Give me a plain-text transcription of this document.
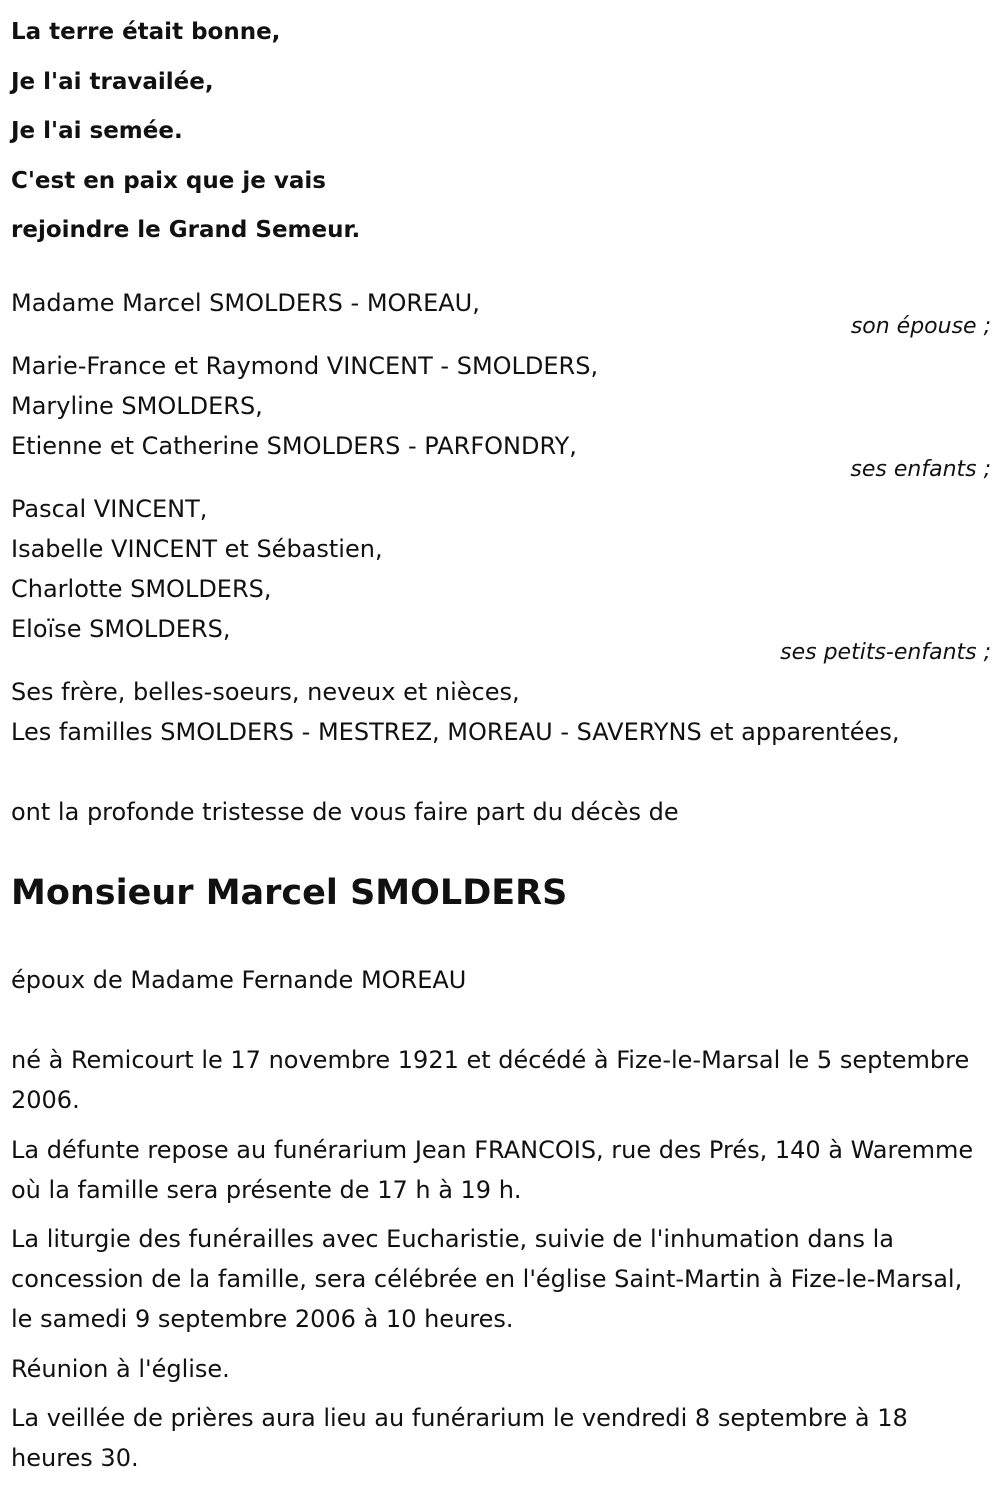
La terre était bonne,
Je l'ai travailée,
Je l'ai semée.
C'est en paix que je vais
rejoindre le Grand Semeur.
Madame Marcel SMOLDERS - MOREAU,
son épouse ;
Marie-France et Raymond VINCENT - SMOLDERS,
Maryline SMOLDERS,
Etienne et Catherine SMOLDERS - PARFONDRY,
ses enfants ;
Pascal VINCENT,
Isabelle VINCENT et Sébastien,
Charlotte SMOLDERS,
Eloïse SMOLDERS,
ses petits-enfants ;
Ses frère, belles-soeurs, neveux et nièces,
Les familles SMOLDERS - MESTREZ, MOREAU - SAVERYNS et apparentées,
ont la profonde tristesse de vous faire part du décès de
Monsieur Marcel SMOLDERS
époux de Madame Fernande MOREAU
né à Remicourt le 17 novembre 1921 et décédé à Fize-le-Marsal le 5 septembre 2006.
La défunte repose au funérarium Jean FRANCOIS, rue des Prés, 140 à Waremme où la famille sera présente de 17 h à 19 h.
La liturgie des funérailles avec Eucharistie, suivie de l'inhumation dans la concession de la famille, sera célébrée en l'église Saint-Martin à Fize-le-Marsal, le samedi 9 septembre 2006 à 10 heures.
Réunion à l'église.
La veillée de prières aura lieu au funérarium le vendredi 8 septembre à 18 heures 30.
